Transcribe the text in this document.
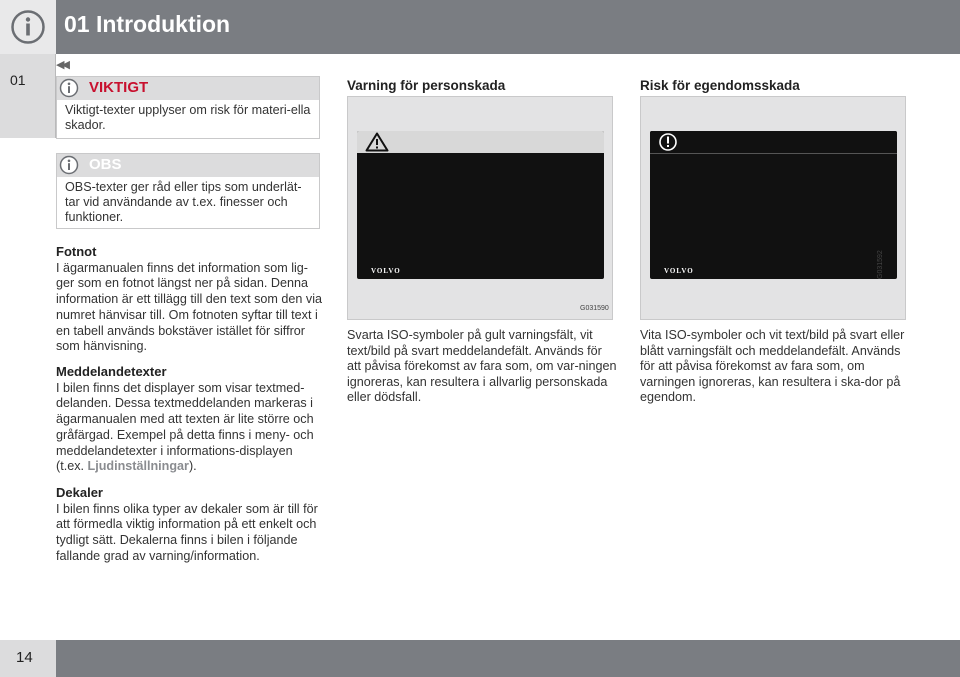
01 Introduktion
01
◀◀
VIKTIGT
Viktigt-texter upplyser om risk för materi-ella skador.
OBS
OBS-texter ger råd eller tips som underlät-tar vid användande av t.ex. finesser och funktioner.
Fotnot
I ägarmanualen finns det information som lig-ger som en fotnot längst ner på sidan. Denna information är ett tillägg till den text som den via numret hänvisar till. Om fotnoten syftar till text i en tabell används bokstäver istället för siffror som hänvisning.
Meddelandetexter
I bilen finns det displayer som visar textmed-delanden. Dessa textmeddelanden markeras i ägarmanualen med att texten är lite större och gråfärgad. Exempel på detta finns i meny- och meddelandetexter i informations-displayen (t.ex. Ljudinställningar).
Dekaler
I bilen finns olika typer av dekaler som är till för att förmedla viktig information på ett enkelt och tydligt sätt. Dekalerna finns i bilen i följande fallande grad av varning/information.
Varning för personskada
VOLVO
G031590
Svarta ISO-symboler på gult varningsfält, vit text/bild på svart meddelandefält. Används för att påvisa förekomst av fara som, om var-ningen ignoreras, kan resultera i allvarlig personskada eller dödsfall.
Risk för egendomsskada
VOLVO	G031592
Vita ISO-symboler och vit text/bild på svart eller blått varningsfält och meddelandefält. Används för att påvisa förekomst av fara som, om varningen ignoreras, kan resultera i ska-dor på egendom.
14
